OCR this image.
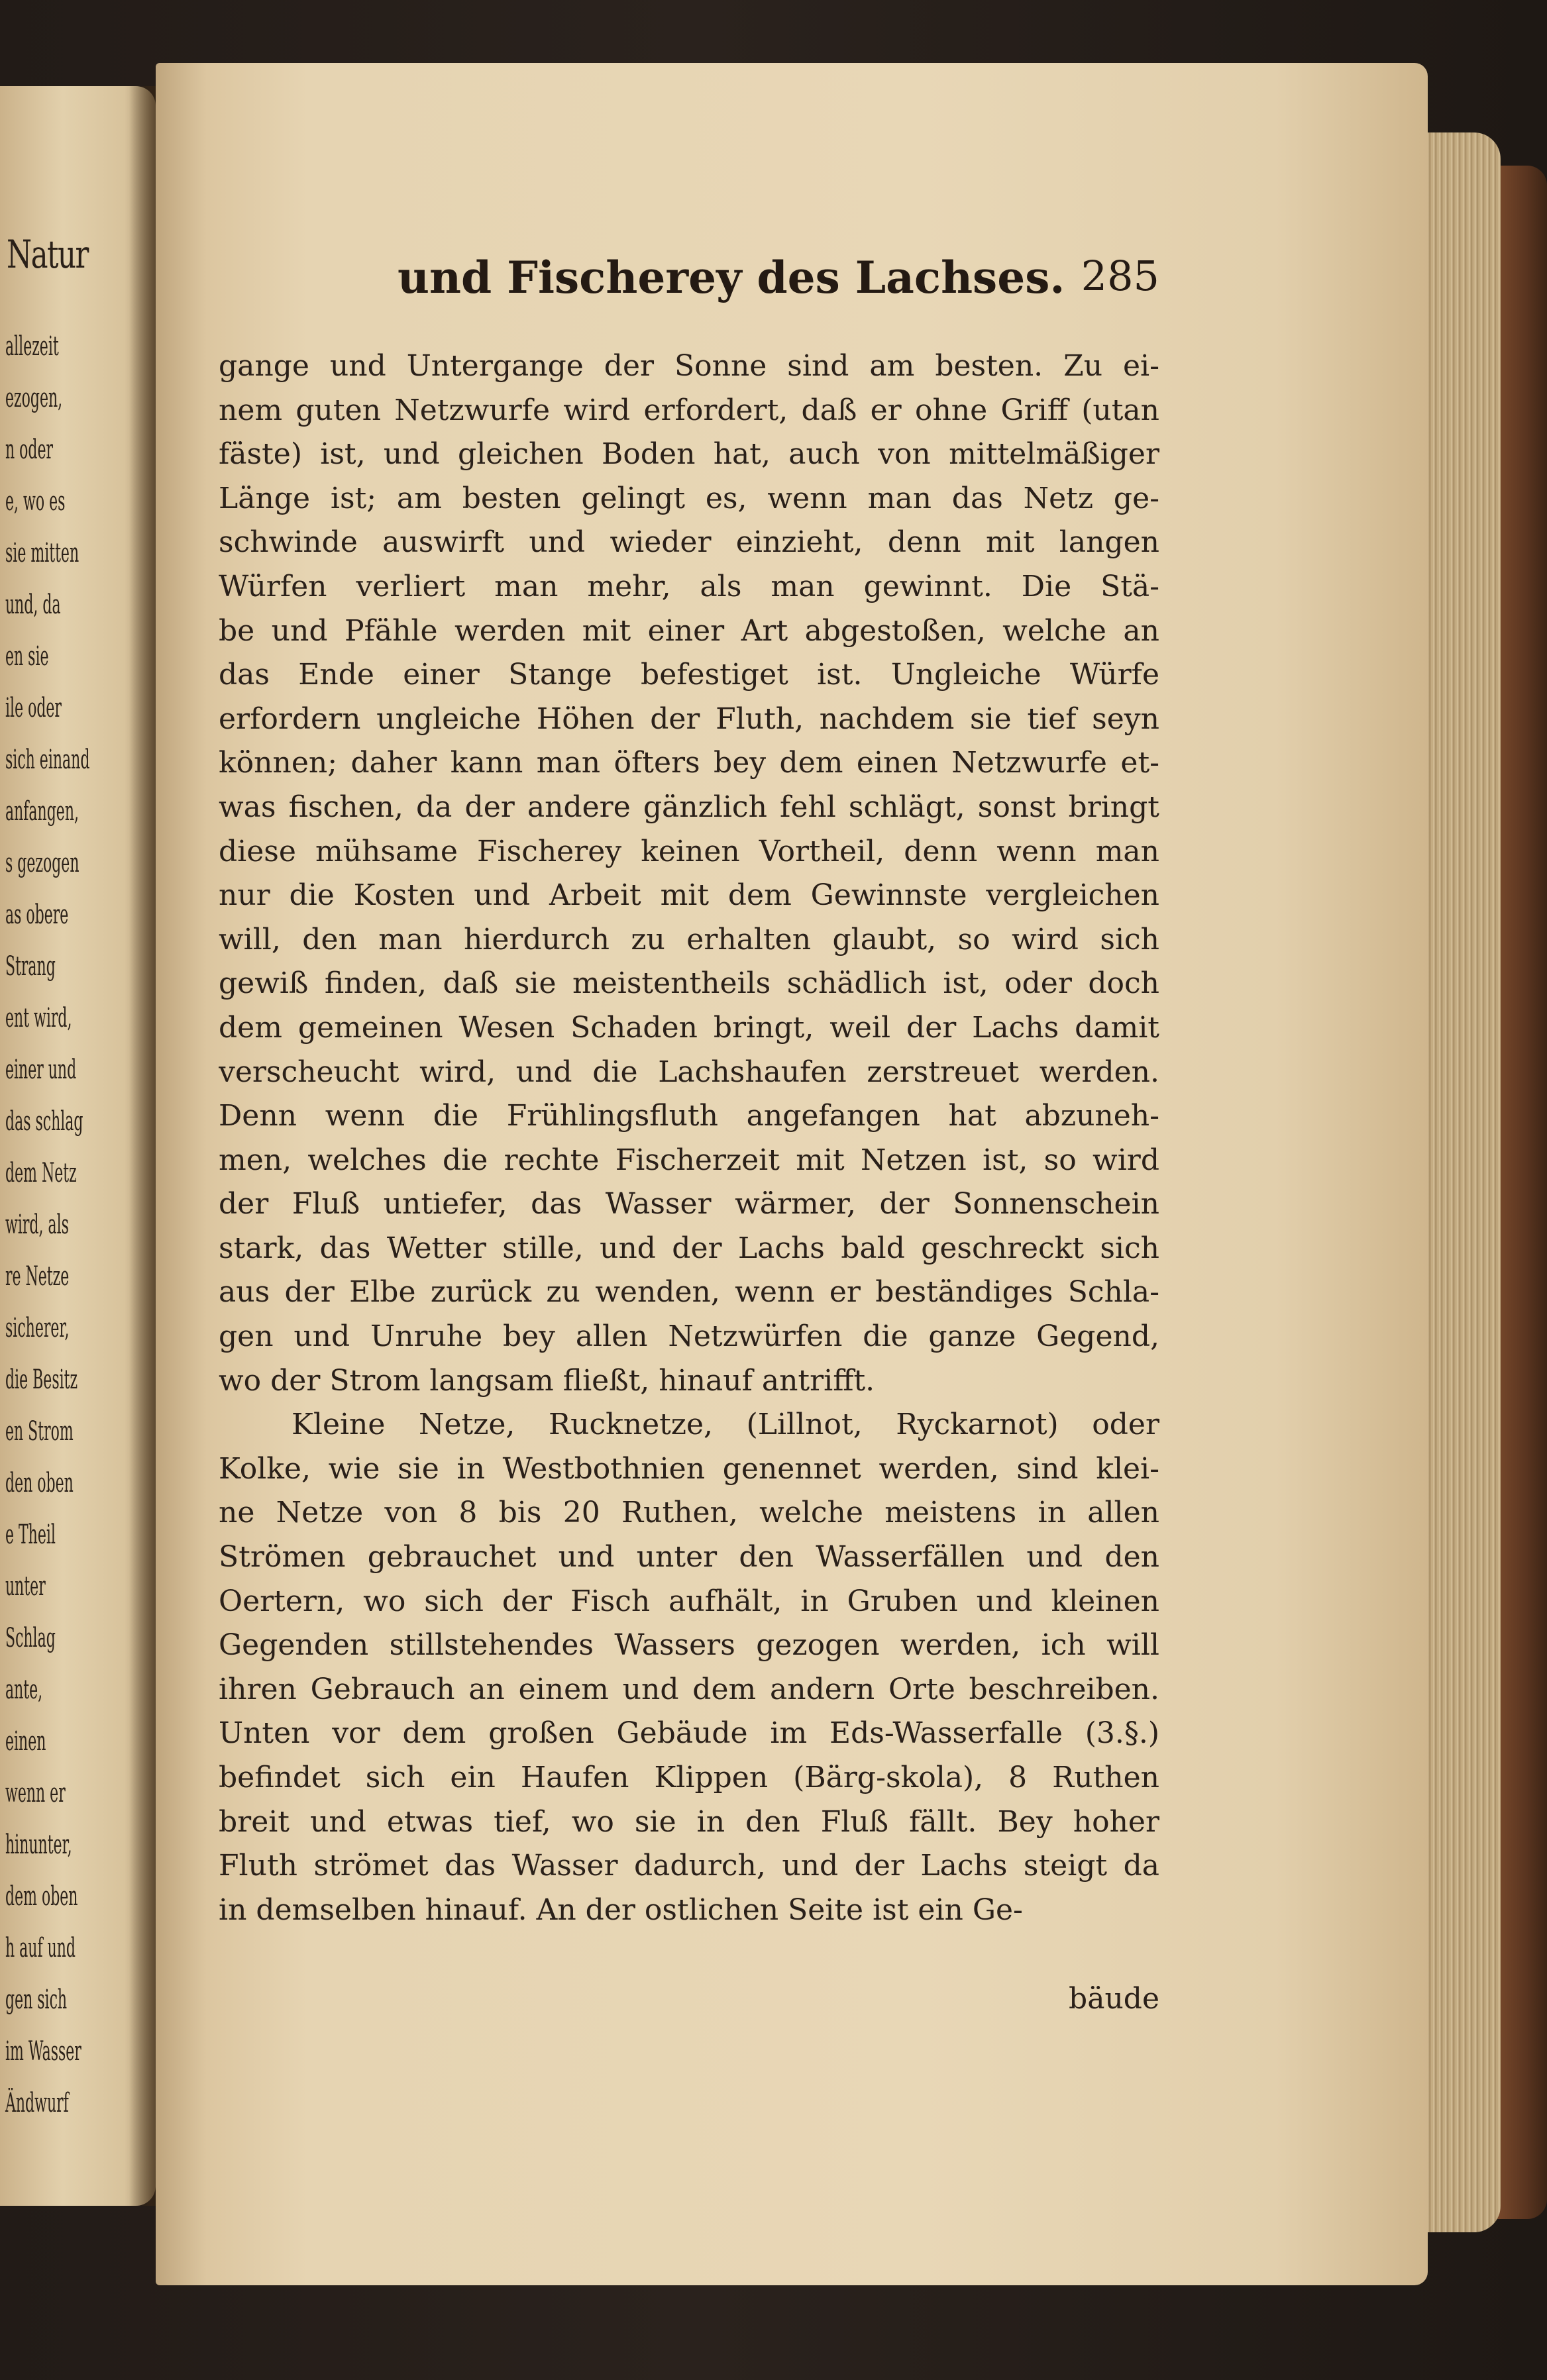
Natur
allezeit
ezogen,
n oder
e, wo es
sie mitten
und, da
en sie
ile oder
sich einand
anfangen,
s gezogen
as obere
Strang
ent wird,
einer und
das schlag
dem Netz
wird, als
re Netze
sicherer,
die Besitz
en Strom
den oben
e Theil
unter
Schlag
ante,
einen
wenn er
hinunter,
dem oben
h auf und
gen sich
im Wasser
Ändwurf
und Fischerey des Lachses. 285
gange und Untergange der Sonne sind am besten. Zu ei-
nem guten Netzwurfe wird erfordert, daß er ohne Griff (utan
fäste) ist, und gleichen Boden hat, auch von mittelmäßiger
Länge ist; am besten gelingt es, wenn man das Netz ge-
schwinde auswirft und wieder einzieht, denn mit langen
Würfen verliert man mehr, als man gewinnt. Die Stä-
be und Pfähle werden mit einer Art abgestoßen, welche an
das Ende einer Stange befestiget ist. Ungleiche Würfe
erfordern ungleiche Höhen der Fluth, nachdem sie tief seyn
können; daher kann man öfters bey dem einen Netzwurfe et-
was fischen, da der andere gänzlich fehl schlägt, sonst bringt
diese mühsame Fischerey keinen Vortheil, denn wenn man
nur die Kosten und Arbeit mit dem Gewinnste vergleichen
will, den man hierdurch zu erhalten glaubt, so wird sich
gewiß finden, daß sie meistentheils schädlich ist, oder doch
dem gemeinen Wesen Schaden bringt, weil der Lachs damit
verscheucht wird, und die Lachshaufen zerstreuet werden.
Denn wenn die Frühlingsfluth angefangen hat abzuneh-
men, welches die rechte Fischerzeit mit Netzen ist, so wird
der Fluß untiefer, das Wasser wärmer, der Sonnenschein
stark, das Wetter stille, und der Lachs bald geschreckt sich
aus der Elbe zurück zu wenden, wenn er beständiges Schla-
gen und Unruhe bey allen Netzwürfen die ganze Gegend,
wo der Strom langsam fließt, hinauf antrifft.
Kleine Netze, Rucknetze, (Lillnot, Ryckarnot) oder
Kolke, wie sie in Westbothnien genennet werden, sind klei-
ne Netze von 8 bis 20 Ruthen, welche meistens in allen
Strömen gebrauchet und unter den Wasserfällen und den
Oertern, wo sich der Fisch aufhält, in Gruben und kleinen
Gegenden stillstehendes Wassers gezogen werden, ich will
ihren Gebrauch an einem und dem andern Orte beschreiben.
Unten vor dem großen Gebäude im Eds-Wasserfalle (3.§.)
befindet sich ein Haufen Klippen (Bärg-skola), 8 Ruthen
breit und etwas tief, wo sie in den Fluß fällt. Bey hoher
Fluth strömet das Wasser dadurch, und der Lachs steigt da
in demselben hinauf. An der ostlichen Seite ist ein Ge-
bäude
